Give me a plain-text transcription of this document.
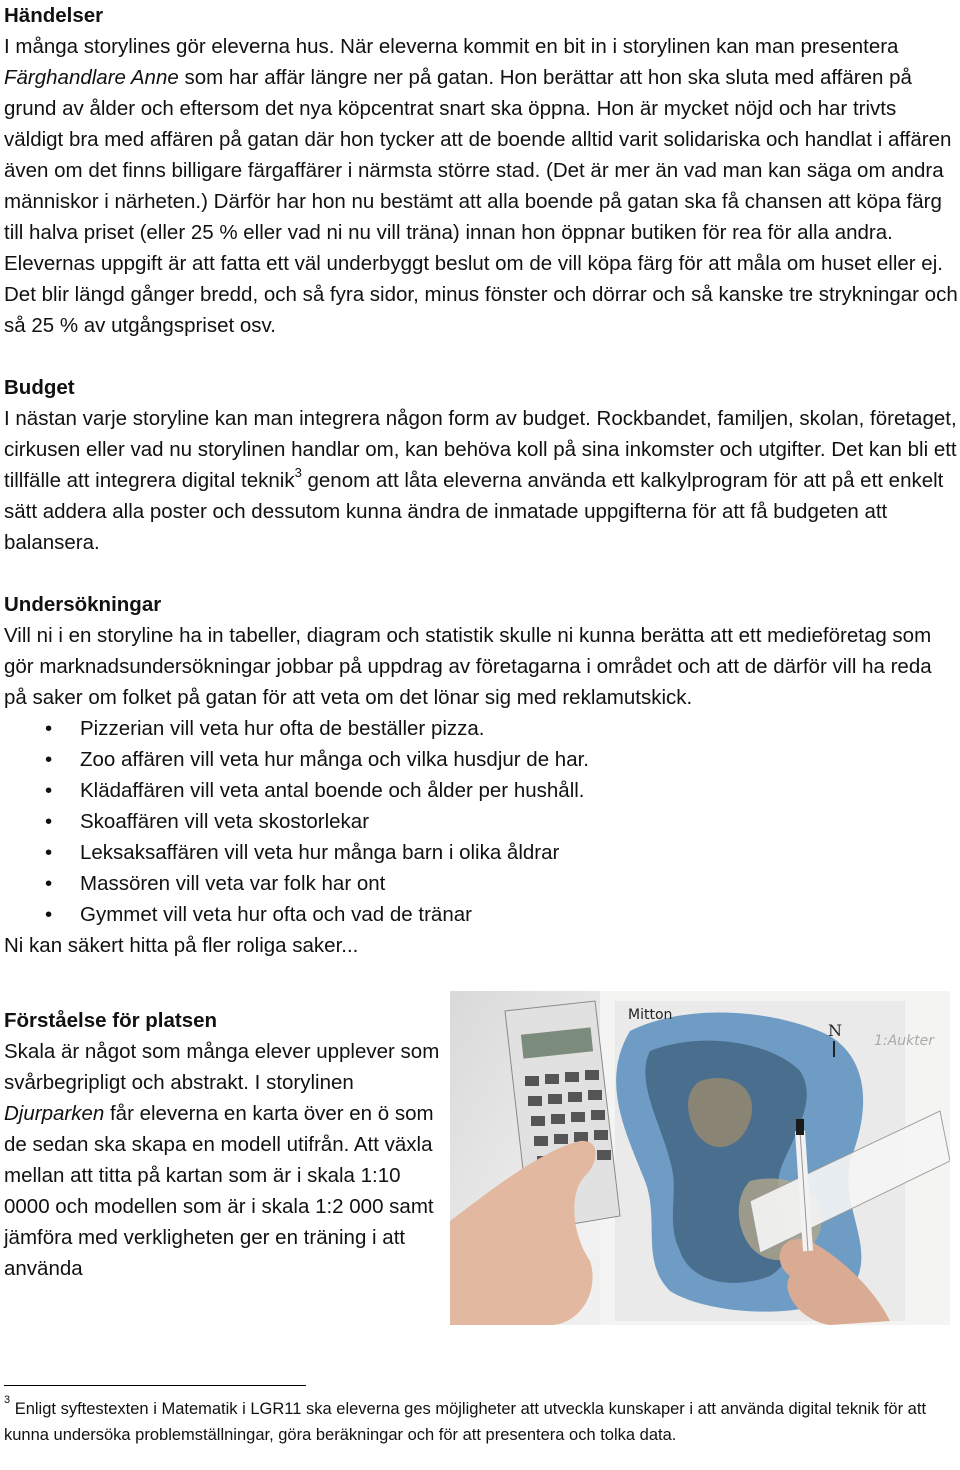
Händelser

I många storylines gör eleverna hus. När eleverna kommit en bit in i storylinen kan man presentera Färghandlare Anne som har affär längre ner på gatan. Hon berättar att hon ska sluta med affären på grund av ålder och eftersom det nya köpcentrat snart ska öppna. Hon är mycket nöjd och har trivts väldigt bra med affären på gatan där hon tycker att de boende alltid varit solidariska och handlat i affären även om det finns billigare färgaffärer i närmsta större stad. (Det är mer än vad man kan säga om andra människor i närheten.) Därför har hon nu bestämt att alla boende på gatan ska få chansen att köpa färg till halva priset (eller 25 % eller vad ni nu vill träna) innan hon öppnar butiken för rea för alla andra. Elevernas uppgift är att fatta ett väl underbyggt beslut om de vill köpa färg för att måla om huset eller ej. Det blir längd gånger bredd, och så fyra sidor, minus fönster och dörrar och så kanske tre strykningar och så 25 % av utgångspriset osv.

Budget

I nästan varje storyline kan man integrera någon form av budget. Rockbandet, familjen, skolan, företaget, cirkusen eller vad nu storylinen handlar om, kan behöva koll på sina inkomster och utgifter. Det kan bli ett tillfälle att integrera digital teknik$^3$ genom att låta eleverna använda ett kalkylprogram för att på ett enkelt sätt addera alla poster och dessutom kunna ändra de inmatade uppgifterna för att få budgeten att balansera.

Undersökningar

Vill ni i en storyline ha in tabeller, diagram och statistik skulle ni kunna berätta att ett medieföretag som gör marknadsundersökningar jobbar på uppdrag av företagarna i området och att de därför vill ha reda på saker om folket på gatan för att veta om det lönar sig med reklamutskick.

• Pizzerian vill veta hur ofta de beställer pizza.
• Zoo affären vill veta hur många och vilka husdjur de har.
• Klädaffären vill veta antal boende och ålder per hushåll.
• Skoaffären vill veta skostorlekar
• Leksaksaffären vill veta hur många barn i olika åldrar
• Massören vill veta var folk har ont
• Gymmet vill veta hur ofta och vad de tränar

Ni kan säkert hitta på fler roliga saker...

Förståelse för platsen

Skala är något som många elever upplever som svårbegripligt och abstrakt. I storylinen Djurparken får eleverna en karta över en ö som de sedan ska skapa en modell utifrån. Att växla mellan att titta på kartan som är i skala 1:10 0000 och modellen som är i skala 1:2 000 samt jämföra med verkligheten ger en träning i att använda

Mitton
N
1:Aukter
$^3$ Enligt syftestexten i Matematik i LGR11 ska eleverna ges möjligheter att utveckla kunskaper i att använda digital teknik för att kunna undersöka problemställningar, göra beräkningar och för att presentera och tolka data.
